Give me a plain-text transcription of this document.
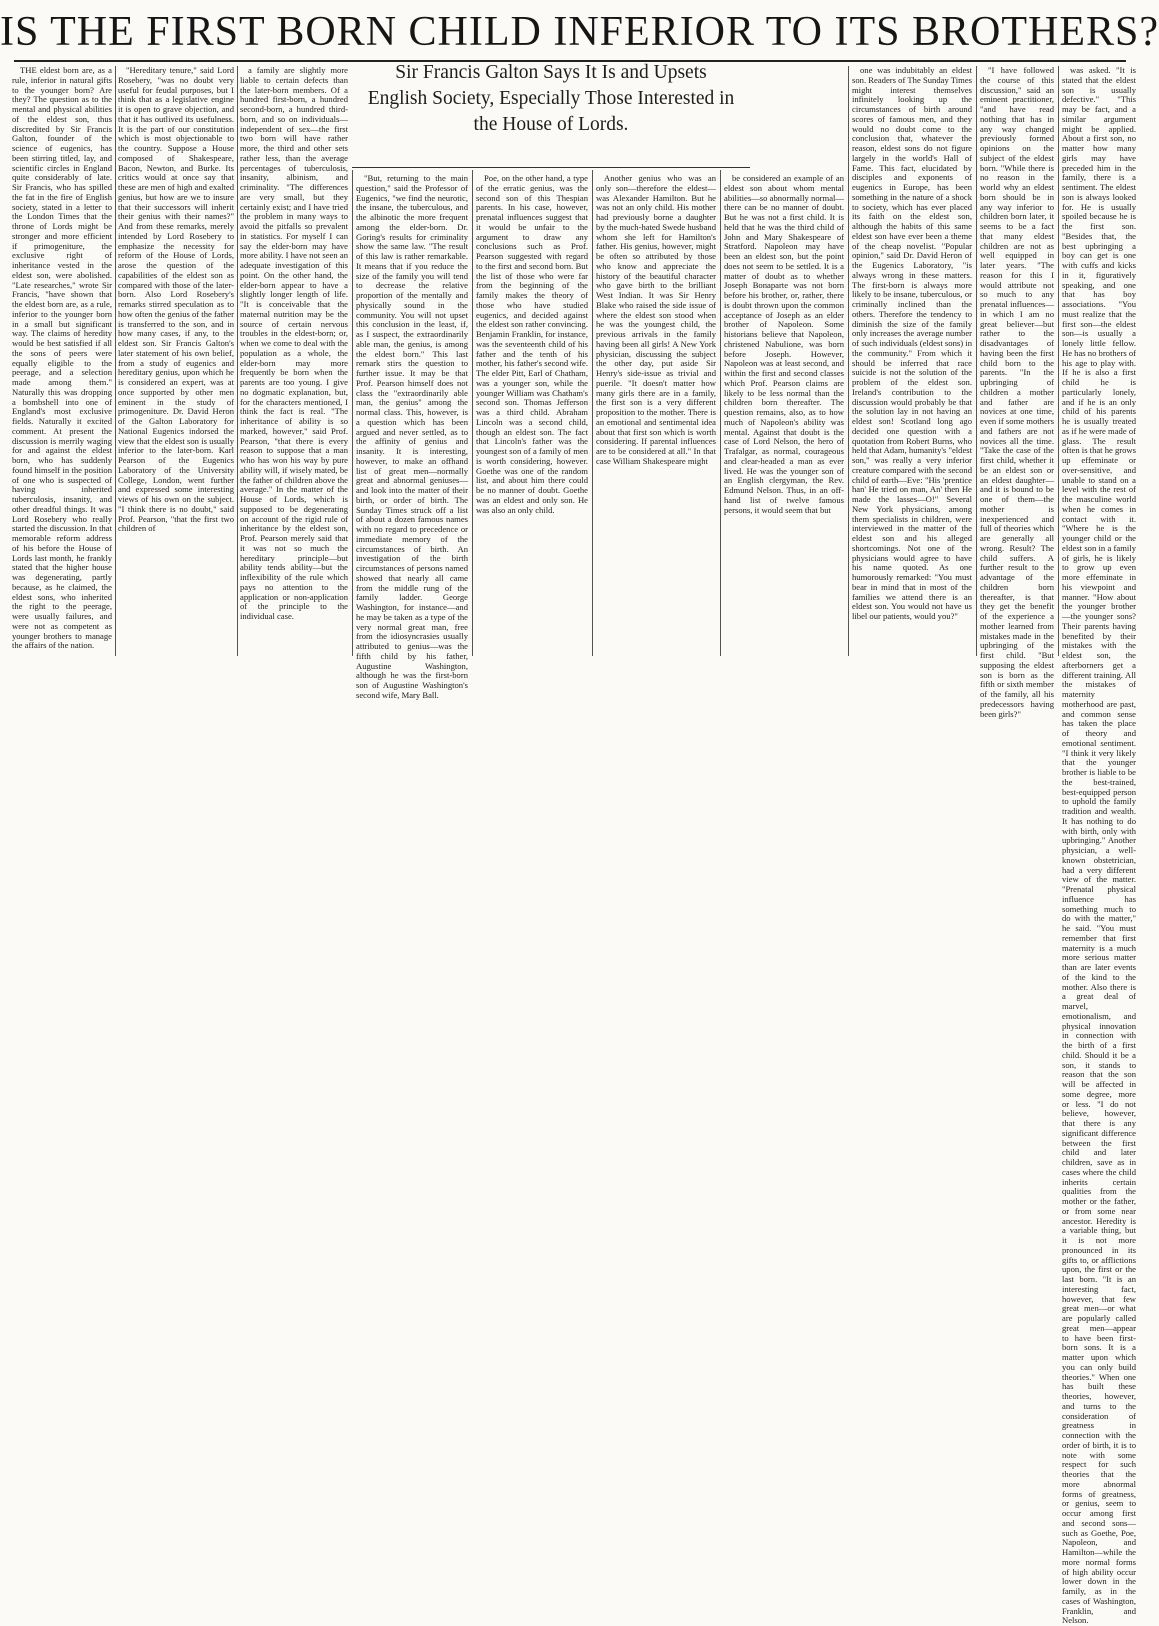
IS THE FIRST BORN CHILD INFERIOR TO ITS BROTHERS?
Sir Francis Galton Says It Is and Upsets English Society, Especially Those Interested in the House of Lords.

THE eldest born are, as a rule, inferior in natural gifts to the younger born? Are they? The question as to the mental and physical abilities of the eldest son, thus discredited by Sir Francis Galton, founder of the science of eugenics, has been stirring titled, lay, and scientific circles in England quite considerably of late. Sir Francis, who has spilled the fat in the fire of English society, stated in a letter to the London Times that the throne of Lords might be stronger and more efficient if primogeniture, the exclusive right of inheritance vested in the eldest son, were abolished. "Late researches," wrote Sir Francis, "have shown that the eldest born are, as a rule, inferior to the younger born in a small but significant way. The claims of heredity would be best satisfied if all the sons of peers were equally eligible to the peerage, and a selection made among them." Naturally this was dropping a bombshell into one of England's most exclusive fields. Naturally it excited comment. At present the discussion is merrily waging for and against the eldest born, who has suddenly found himself in the position of one who is suspected of having inherited tuberculosis, insanity, and other dreadful things. It was Lord Rosebery who really started the discussion. In that memorable reform address of his before the House of Lords last month, he frankly stated that the higher house was degenerating, partly because, as he claimed, the eldest sons, who inherited the right to the peerage, were usually failures, and were not as competent as younger brothers to manage the affairs of the nation.

"Hereditary tenure," said Lord Rosebery, "was no doubt very useful for feudal purposes, but I think that as a legislative engine it is open to grave objection, and that it has outlived its usefulness. It is the part of our constitution which is most objectionable to the country. Suppose a House composed of Shakespeare, Bacon, Newton, and Burke. Its critics would at once say that these are men of high and exalted genius, but how are we to insure that their successors will inherit their genius with their names?" And from these remarks, merely intended by Lord Rosebery to emphasize the necessity for reform of the House of Lords, arose the question of the capabilities of the eldest son as compared with those of the later-born. Also Lord Rosebery's remarks stirred speculation as to how often the genius of the father is transferred to the son, and in how many cases, if any, to the eldest son. Sir Francis Galton's later statement of his own belief, from a study of eugenics and hereditary genius, upon which he is considered an expert, was at once supported by other men eminent in the study of primogeniture. Dr. David Heron of the Galton Laboratory for National Eugenics indorsed the view that the eldest son is usually inferior to the later-born. Karl Pearson of the Eugenics Laboratory of the University College, London, went further and expressed some interesting views of his own on the subject. "I think there is no doubt," said Prof. Pearson, "that the first two children of

a family are slightly more liable to certain defects than the later-born members. Of a hundred first-born, a hundred second-born, a hundred third-born, and so on individuals—independent of sex—the first two born will have rather more, the third and other sets rather less, than the average percentages of tuberculosis, insanity, albinism, and criminality. "The differences are very small, but they certainly exist; and I have tried the problem in many ways to avoid the pitfalls so prevalent in statistics. For myself I can say the elder-born may have more ability. I have not seen an adequate investigation of this point. On the other hand, the elder-born appear to have a slightly longer length of life. "It is conceivable that the maternal nutrition may be the source of certain nervous troubles in the eldest-born; or, when we come to deal with the population as a whole, the elder-born may more frequently be born when the parents are too young. I give no dogmatic explanation, but, for the characters mentioned, I think the fact is real. "The inheritance of ability is so marked, however," said Prof. Pearson, "that there is every reason to suppose that a man who has won his way by pure ability will, if wisely mated, be the father of children above the average." In the matter of the House of Lords, which is supposed to be degenerating on account of the rigid rule of inheritance by the eldest son, Prof. Pearson merely said that it was not so much the hereditary principle—but ability tends ability—but the inflexibility of the rule which pays no attention to the application or non-application of the principle to the individual case.

"But, returning to the main question," said the Professor of Eugenics, "we find the neurotic, the insane, the tuberculous, and the albinotic the more frequent among the elder-born. Dr. Goring's results for criminality show the same law. "The result of this law is rather remarkable. It means that if you reduce the size of the family you will tend to decrease the relative proportion of the mentally and physically sound in the community. You will not upset this conclusion in the least, if, as I suspect, the extraordinarily able man, the genius, is among the eldest born." This last remark stirs the question to further issue. It may be that Prof. Pearson himself does not class the "extraordinarily able man, the genius" among the normal class. This, however, is a question which has been argued and never settled, as to the affinity of genius and insanity. It is interesting, however, to make an offhand list of great men—normally great and abnormal geniuses—and look into the matter of their birth, or order of birth. The Sunday Times struck off a list of about a dozen famous names with no regard to precedence or immediate memory of the circumstances of birth. An investigation of the birth circumstances of persons named showed that nearly all came from the middle rung of the family ladder. George Washington, for instance—and he may be taken as a type of the very normal great man, free from the idiosyncrasies usually attributed to genius—was the fifth child by his father, Augustine Washington, although he was the first-born son of Augustine Washington's second wife, Mary Ball.

Poe, on the other hand, a type of the erratic genius, was the second son of this Thespian parents. In his case, however, prenatal influences suggest that it would be unfair to the argument to draw any conclusions such as Prof. Pearson suggested with regard to the first and second born. But the list of those who were far from the beginning of the family makes the theory of those who have studied eugenics, and decided against the eldest son rather convincing. Benjamin Franklin, for instance, was the seventeenth child of his father and the tenth of his mother, his father's second wife. The elder Pitt, Earl of Chatham, was a younger son, while the younger William was Chatham's second son. Thomas Jefferson was a third child. Abraham Lincoln was a second child, though an eldest son. The fact that Lincoln's father was the youngest son of a family of men is worth considering, however. Goethe was one of the random list, and about him there could be no manner of doubt. Goethe was an eldest and only son. He was also an only child.

Another genius who was an only son—therefore the eldest—was Alexander Hamilton. But he was not an only child. His mother had previously borne a daughter by the much-hated Swede husband whom she left for Hamilton's father. His genius, however, might be often so attributed by those who know and appreciate the history of the beautiful character who gave birth to the brilliant West Indian. It was Sir Henry Blake who raised the side issue of where the eldest son stood when he was the youngest child, the previous arrivals in the family having been all girls! A New York physician, discussing the subject the other day, put aside Sir Henry's side-issue as trivial and puerile. "It doesn't matter how many girls there are in a family, the first son is a very different proposition to the mother. There is an emotional and sentimental idea about that first son which is worth considering. If parental influences are to be considered at all." In that case William Shakespeare might

be considered an example of an eldest son about whom mental abilities—so abnormally normal—there can be no manner of doubt. But he was not a first child. It is held that he was the third child of John and Mary Shakespeare of Stratford. Napoleon may have been an eldest son, but the point does not seem to be settled. It is a matter of doubt as to whether Joseph Bonaparte was not born before his brother, or, rather, there is doubt thrown upon the common acceptance of Joseph as an elder brother of Napoleon. Some historians believe that Napoleon, christened Nabulione, was born before Joseph. However, Napoleon was at least second, and within the first and second classes which Prof. Pearson claims are likely to be less normal than the children born thereafter. The question remains, also, as to how much of Napoleon's ability was mental. Against that doubt is the case of Lord Nelson, the hero of Trafalgar, as normal, courageous and clear-headed a man as ever lived. He was the younger son of an English clergyman, the Rev. Edmund Nelson. Thus, in an off-hand list of twelve famous persons, it would seem that but

one was indubitably an eldest son. Readers of The Sunday Times might interest themselves infinitely looking up the circumstances of birth around scores of famous men, and they would no doubt come to the conclusion that, whatever the reason, eldest sons do not figure largely in the world's Hall of Fame. This fact, elucidated by disciples and exponents of eugenics in Europe, has been something in the nature of a shock to society, which has ever placed its faith on the eldest son, although the habits of this same eldest son have ever been a theme of the cheap novelist. "Popular opinion," said Dr. David Heron of the Eugenics Laboratory, "is always wrong in these matters. The first-born is always more likely to be insane, tuberculous, or criminally inclined than the others. Therefore the tendency to diminish the size of the family only increases the average number of such individuals (eldest sons) in the community." From which it should be inferred that race suicide is not the solution of the problem of the eldest son. Ireland's contribution to the discussion would probably be that the solution lay in not having an eldest son! Scotland long ago decided one question with a quotation from Robert Burns, who held that Adam, humanity's "eldest son," was really a very inferior creature compared with the second child of earth—Eve: "His 'prentice han' He tried on man, An' then He made the lasses—O!" Several New York physicians, among them specialists in children, were interviewed in the matter of the eldest son and his alleged shortcomings. Not one of the physicians would agree to have his name quoted. As one humorously remarked: "You must bear in mind that in most of the families we attend there is an eldest son. You would not have us libel our patients, would you?"

"I have followed the course of this discussion," said an eminent practitioner, "and have read nothing that has in any way changed previously formed opinions on the subject of the eldest born. "While there is no reason in the world why an eldest born should be in any way inferior to children born later, it seems to be a fact that many eldest children are not as well equipped in later years. "The reason for this I would attribute not so much to any prenatal influences—in which I am no great believer—but rather to the disadvantages of having been the first child born to the parents. "In the upbringing of children a mother and father are novices at one time, even if some mothers and fathers are not novices all the time. "Take the case of the first child, whether it be an eldest son or an eldest daughter—and it is bound to be one of them—the mother is inexperienced and full of theories which are generally all wrong. Result? The child suffers. A further result to the advantage of the children born thereafter, is that they get the benefit of the experience a mother learned from mistakes made in the upbringing of the first child. "But supposing the eldest son is born as the fifth or sixth member of the family, all his predecessors having been girls?"

was asked. "It is stated that the eldest son is usually defective." "This may be fact, and a similar argument might be applied. About a first son, no matter how many girls may have preceded him in the family, there is a sentiment. The eldest son is always looked for. He is usually spoiled because he is the first son. "Besides that, the best upbringing a boy can get is one with cuffs and kicks in it, figuratively speaking, and one that has boy associations. "You must realize that the first son—the eldest son—is usually a lonely little fellow. He has no brothers of his age to play with. If he is also a first child he is particularly lonely, and if he is an only child of his parents he is usually treated as if he were made of glass. The result often is that he grows up effeminate or over-sensitive, and unable to stand on a level with the rest of the masculine world when he comes in contact with it. "Where he is the younger child or the eldest son in a family of girls, he is likely to grow up even more effeminate in his viewpoint and manner. "How about the younger brother—the younger sons? Their parents having benefited by their mistakes with the eldest son, the afterborners get a different training. All the mistakes of maternity motherhood are past, and common sense has taken the place of theory and emotional sentiment. "I think it very likely that the younger brother is liable to be the best-trained, best-equipped person to uphold the family tradition and wealth. It has nothing to do with birth, only with upbringing." Another physician, a well-known obstetrician, had a very different view of the matter. "Prenatal physical influence has something much to do with the matter," he said. "You must remember that first maternity is a much more serious matter than are later events of the kind to the mother. Also there is a great deal of marvel, emotionalism, and physical innovation in connection with the birth of a first child. Should it be a son, it stands to reason that the son will be affected in some degree, more or less. "I do not believe, however, that there is any significant difference between the first child and later children, save as in cases where the child inherits certain qualities from the mother or the father, or from some near ancestor. Heredity is a variable thing, but it is not more pronounced in its gifts to, or afflictions upon, the first or the last born. "It is an interesting fact, however, that few great men—or what are popularly called great men—appear to have been first-born sons. It is a matter upon which you can only build theories." When one has built these theories, however, and turns to the consideration of greatness in connection with the order of birth, it is to note with some respect for such theories that the more abnormal forms of greatness, or genius, seem to occur among first and second sons—such as Goethe, Poe, Napoleon, and Hamilton—while the more normal forms of high ability occur lower down in the family, as in the cases of Washington, Franklin, and Nelson.
